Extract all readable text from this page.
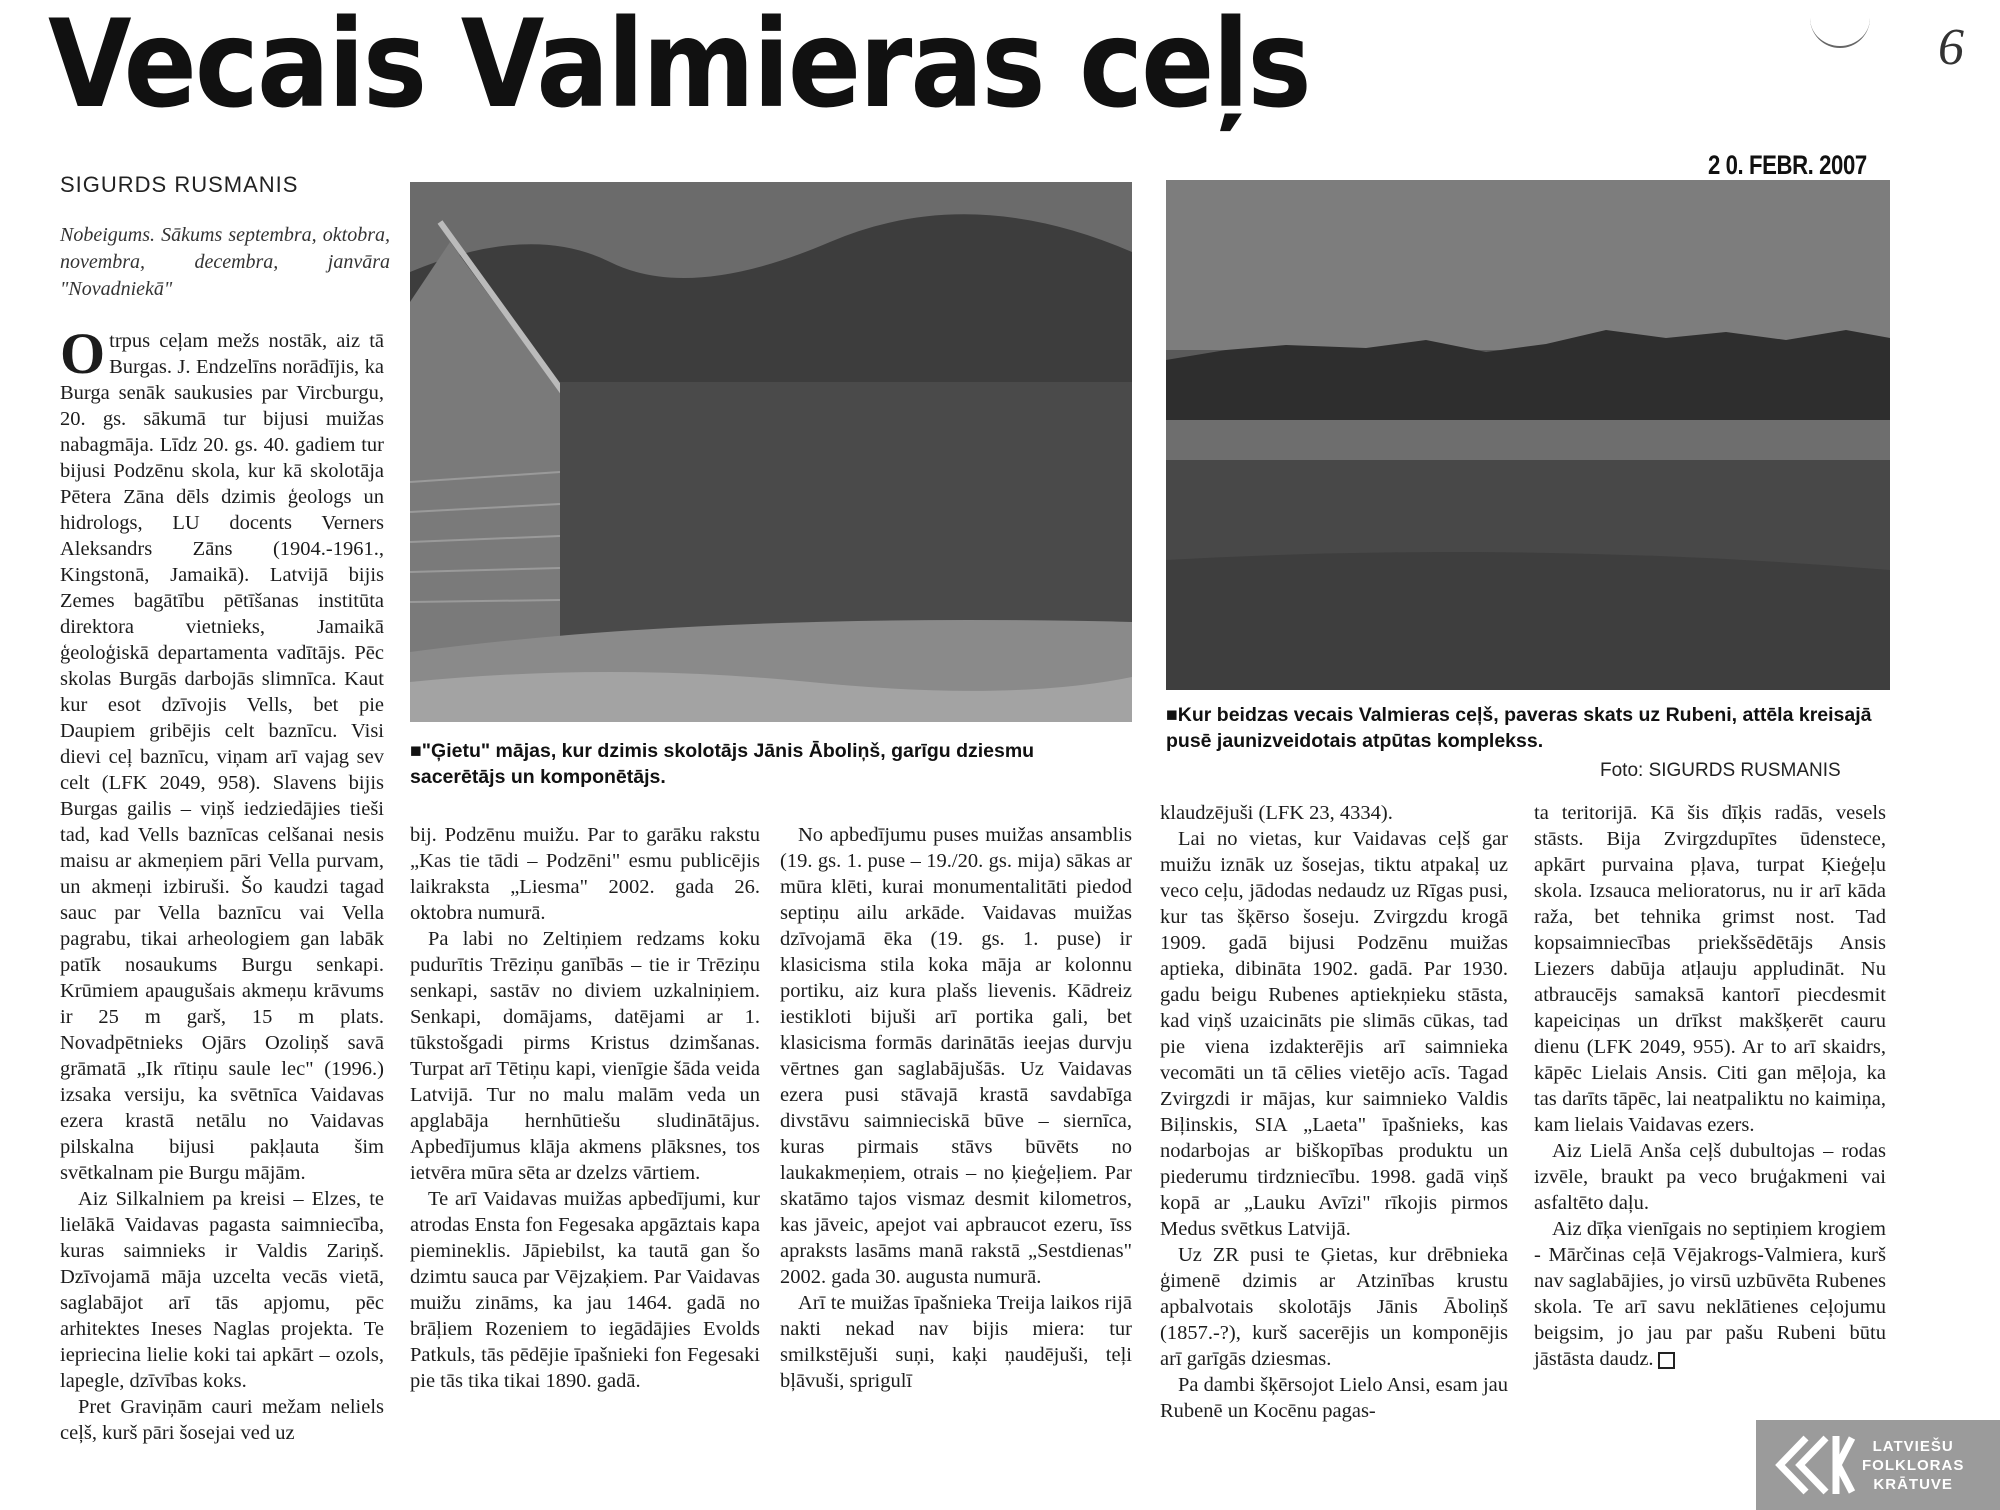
Vecais Valmieras ceļs	6
2 0. FEBR. 2007
SIGURDS RUSMANIS
Nobeigums. Sākums septembra, oktobra, novembra, decembra, janvāra "Novadniekā"
■"Ģietu" mājas, kur dzimis skolotājs Jānis Āboliņš, garīgu dziesmu sacerētājs un komponētājs.
■Kur beidzas vecais Valmieras ceļš, paveras skats uz Rubeni, attēla kreisajā pusē jaunizveidotais atpūtas komplekss.
Foto: SIGURDS RUSMANIS

Otrpus ceļam mežs nostāk, aiz tā Burgas. J. Endzelīns norādījis, ka Burga senāk saukusies par Vircburgu, 20. gs. sākumā tur bijusi muižas nabagmāja. Līdz 20. gs. 40. gadiem tur bijusi Podzēnu skola, kur kā skolotāja Pētera Zāna dēls dzimis ģeologs un hidrologs, LU docents Verners Aleksandrs Zāns (1904.-1961., Kingstonā, Jamaikā). Latvijā bijis Zemes bagātību pētīšanas institūta direktora vietnieks, Jamaikā ģeoloģiskā departamenta vadītājs. Pēc skolas Burgās darbojās slimnīca. Kaut kur esot dzīvojis Vells, bet pie Daupiem gribējis celt baznīcu. Visi dievi ceļ baznīcu, viņam arī vajag sev celt (LFK 2049, 958). Slavens bijis Burgas gailis – viņš iedziedājies tieši tad, kad Vells baznīcas celšanai nesis maisu ar akmeņiem pāri Vella purvam, un akmeņi izbiruši. Šo kaudzi tagad sauc par Vella baznīcu vai Vella pagrabu, tikai arheologiem gan labāk patīk nosaukums Burgu senkapi. Krūmiem apaugušais akmeņu krāvums ir 25 m garš, 15 m plats. Novadpētnieks Ojārs Ozoliņš savā grāmatā „Ik rītiņu saule lec" (1996.) izsaka versiju, ka svētnīca Vaidavas ezera krastā netālu no Vaidavas pilskalna bijusi pakļauta šim svētkalnam pie Burgu mājām.

Aiz Silkalniem pa kreisi – Elzes, te lielākā Vaidavas pagasta saimniecība, kuras saimnieks ir Valdis Zariņš. Dzīvojamā māja uzcelta vecās vietā, saglabājot arī tās apjomu, pēc arhitektes Ineses Naglas projekta. Te iepriecina lielie koki tai apkārt – ozols, lapegle, dzīvības koks.

Pret Graviņām cauri mežam neliels ceļš, kurš pāri šosejai ved uz

bij. Podzēnu muižu. Par to garāku rakstu „Kas tie tādi – Podzēni" esmu publicējis laikraksta „Liesma" 2002. gada 26. oktobra numurā.

Pa labi no Zeltiņiem redzams koku pudurītis Trēziņu ganībās – tie ir Trēziņu senkapi, sastāv no diviem uzkalniņiem. Senkapi, domājams, datējami ar 1. tūkstošgadi pirms Kristus dzimšanas. Turpat arī Tētiņu kapi, vienīgie šāda veida Latvijā. Tur no malu malām veda un apglabāja hernhūtiešu sludinātājus. Apbedījumus klāja akmens plāksnes, tos ietvēra mūra sēta ar dzelzs vārtiem.

Te arī Vaidavas muižas apbedījumi, kur atrodas Ensta fon Fegesaka apgāztais kapa piemineklis. Jāpiebilst, ka tautā gan šo dzimtu sauca par Vējzaķiem. Par Vaidavas muižu zināms, ka jau 1464. gadā no brāļiem Rozeniem to iegādājies Evolds Patkuls, tās pēdējie īpašnieki fon Fegesaki pie tās tika tikai 1890. gadā.

No apbedījumu puses muižas ansamblis (19. gs. 1. puse – 19./20. gs. mija) sākas ar mūra klēti, kurai monumentalitāti piedod septiņu ailu arkāde. Vaidavas muižas dzīvojamā ēka (19. gs. 1. puse) ir klasicisma stila koka māja ar kolonnu portiku, aiz kura plašs lievenis. Kādreiz iestikloti bijuši arī portika gali, bet klasicisma formās darinātās ieejas durvju vērtnes gan saglabājušās. Uz Vaidavas ezera pusi stāvajā krastā savdabīga divstāvu saimnieciskā būve – siernīca, kuras pirmais stāvs būvēts no laukakmeņiem, otrais – no ķieģeļiem. Par skatāmo tajos vismaz desmit kilometros, kas jāveic, apejot vai apbraucot ezeru, īss apraksts lasāms manā rakstā „Sestdienas" 2002. gada 30. augusta numurā.

Arī te muižas īpašnieka Treija laikos rijā nakti nekad nav bijis miera: tur smilkstējuši suņi, kaķi ņaudējuši, teļi bļāvuši, sprigulī

klaudzējuši (LFK 23, 4334).

Lai no vietas, kur Vaidavas ceļš gar muižu iznāk uz šosejas, tiktu atpakaļ uz veco ceļu, jādodas nedaudz uz Rīgas pusi, kur tas šķērso šoseju. Zvirgzdu krogā 1909. gadā bijusi Podzēnu muižas aptieka, dibināta 1902. gadā. Par 1930. gadu beigu Rubenes aptiekņieku stāsta, kad viņš uzaicināts pie slimās cūkas, tad pie viena izdakterējis arī saimnieka vecomāti un tā cēlies vietējo acīs. Tagad Zvirgzdi ir mājas, kur saimnieko Valdis Biļinskis, SIA „Laeta" īpašnieks, kas nodarbojas ar biškopības produktu un piederumu tirdzniecību. 1998. gadā viņš kopā ar „Lauku Avīzi" rīkojis pirmos Medus svētkus Latvijā.

Uz ZR pusi te Ģietas, kur drēbnieka ģimenē dzimis ar Atzinības krustu apbalvotais skolotājs Jānis Āboliņš (1857.-?), kurš sacerējis un komponējis arī garīgās dziesmas.

Pa dambi šķērsojot Lielo Ansi, esam jau Rubenē un Kocēnu pagas-

ta teritorijā. Kā šis dīķis radās, vesels stāsts. Bija Zvirgzdupītes ūdenstece, apkārt purvaina pļava, turpat Ķieģeļu skola. Izsauca melioratorus, nu ir arī kāda raža, bet tehnika grimst nost. Tad kopsaimniecības priekšsēdētājs Ansis Liezers dabūja atļauju appludināt. Nu atbraucējs samaksā kantorī piecdesmit kapeiciņas un drīkst makšķerēt cauru dienu (LFK 2049, 955). Ar to arī skaidrs, kāpēc Lielais Ansis. Citi gan mēļoja, ka tas darīts tāpēc, lai neatpaliktu no kaimiņa, kam lielais Vaidavas ezers.

Aiz Lielā Anša ceļš dubultojas – rodas izvēle, braukt pa veco bruģakmeni vai asfaltēto daļu.

Aiz dīķa vienīgais no septiņiem krogiem - Mārčinas ceļā Vējakrogs-Valmiera, kurš nav saglabājies, jo virsū uzbūvēta Rubenes skola. Te arī savu neklātienes ceļojumu beigsim, jo jau par pašu Rubeni būtu jāstāsta daudz.

LATVIEŠU
FOLKLORAS
KRĀTUVE
